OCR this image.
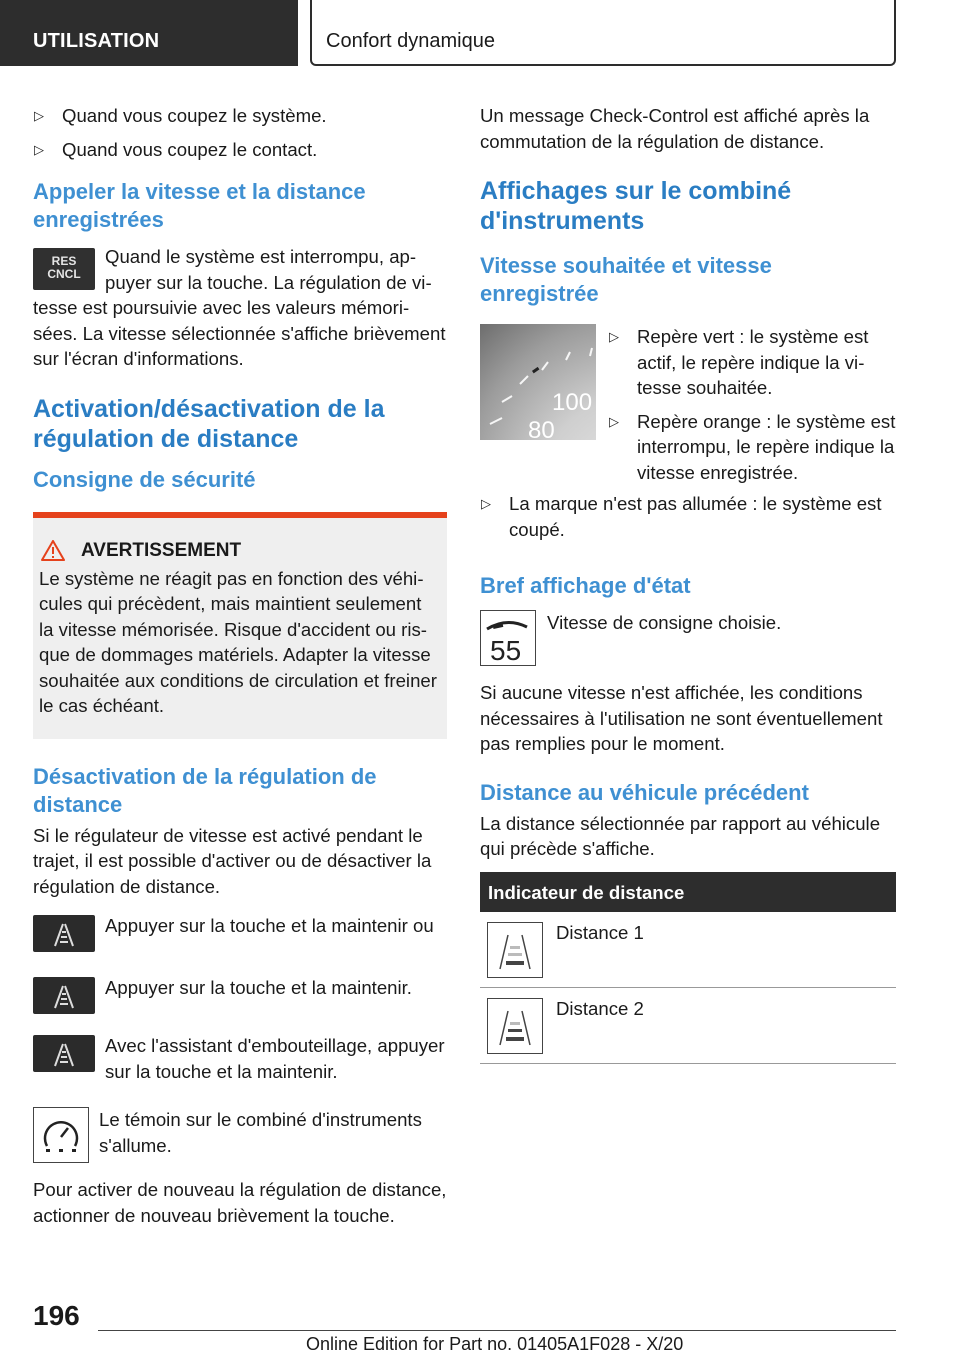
UTILISATION	Confort dynamique
▷ Quand vous coupez le système.
▷ Quand vous coupez le contact.
Appeler la vitesse et la distance enregistrées
RES
CNCL

Quand le système est interrompu, appuyer sur la touche. La régulation de vitesse est poursuivie avec les valeurs mémorisées. La vitesse sélectionnée s'affiche brièvement sur l'écran d'informations.

Activation/désactivation de la régulation de distance
Consigne de sécurité
AVERTISSEMENT

Le système ne réagit pas en fonction des véhicules qui précèdent, mais maintient seulement la vitesse mémorisée. Risque d'accident ou risque de dommages matériels. Adapter la vitesse souhaitée aux conditions de circulation et freiner le cas échéant.

Désactivation de la régulation de distance

Si le régulateur de vitesse est activé pendant le trajet, il est possible d'activer ou de désactiver la régulation de distance.

Appuyer sur la touche et la maintenir ou

Appuyer sur la touche et la maintenir.

Avec l'assistant d'embouteillage, appuyer sur la touche et la maintenir.

Le témoin sur le combiné d'instruments s'allume.

Pour activer de nouveau la régulation de distance, actionner de nouveau brièvement la touche.

Un message Check-Control est affiché après la commutation de la régulation de distance.

Affichages sur le combiné d'instruments
Vitesse souhaitée et vitesse enregistrée
100
80
▷ Repère vert : le système est actif, le repère indique la vitesse souhaitée.
▷ Repère orange : le système est interrompu, le repère indique la vitesse enregistrée.
▷ La marque n'est pas allumée : le système est coupé.
Bref affichage d'état
55

Vitesse de consigne choisie.

Si aucune vitesse n'est affichée, les conditions nécessaires à l'utilisation ne sont éventuellement pas remplies pour le moment.

Distance au véhicule précédent

La distance sélectionnée par rapport au véhicule qui précède s'affiche.

Indicateur de distance

Distance 1

Distance 2

196
Online Edition for Part no. 01405A1F028 - X/20
